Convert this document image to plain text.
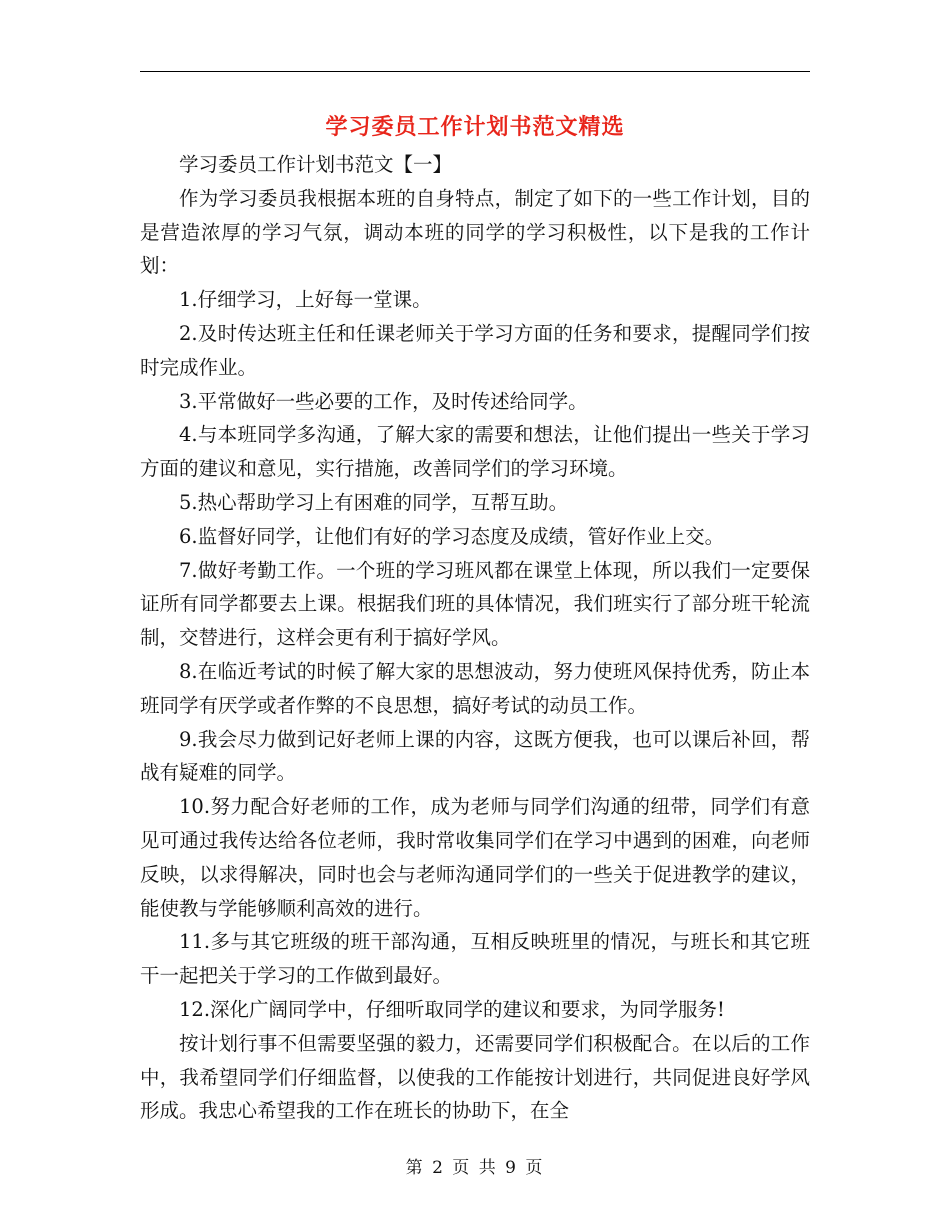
学习委员工作计划书范文精选

学习委员工作计划书范文【一】

作为学习委员我根据本班的自身特点，制定了如下的一些工作计划，目的是营造浓厚的学习气氛，调动本班的同学的学习积极性，以下是我的工作计划：

1.仔细学习，上好每一堂课。

2.及时传达班主任和任课老师关于学习方面的任务和要求，提醒同学们按时完成作业。

3.平常做好一些必要的工作，及时传述给同学。

4.与本班同学多沟通，了解大家的需要和想法，让他们提出一些关于学习方面的建议和意见，实行措施，改善同学们的学习环境。

5.热心帮助学习上有困难的同学，互帮互助。

6.监督好同学，让他们有好的学习态度及成绩，管好作业上交。

7.做好考勤工作。一个班的学习班风都在课堂上体现，所以我们一定要保证所有同学都要去上课。根据我们班的具体情况，我们班实行了部分班干轮流制，交替进行，这样会更有利于搞好学风。

8.在临近考试的时候了解大家的思想波动，努力使班风保持优秀，防止本班同学有厌学或者作弊的不良思想，搞好考试的动员工作。

9.我会尽力做到记好老师上课的内容，这既方便我，也可以课后补回，帮战有疑难的同学。

10.努力配合好老师的工作，成为老师与同学们沟通的纽带，同学们有意见可通过我传达给各位老师，我时常收集同学们在学习中遇到的困难，向老师反映，以求得解决，同时也会与老师沟通同学们的一些关于促进教学的建议，能使教与学能够顺利高效的进行。

11.多与其它班级的班干部沟通，互相反映班里的情况，与班长和其它班干一起把关于学习的工作做到最好。

12.深化广阔同学中，仔细听取同学的建议和要求，为同学服务!

按计划行事不但需要坚强的毅力，还需要同学们积极配合。在以后的工作中，我希望同学们仔细监督，以使我的工作能按计划进行，共同促进良好学风形成。我忠心希望我的工作在班长的协助下，在全

第 2 页 共 9 页
